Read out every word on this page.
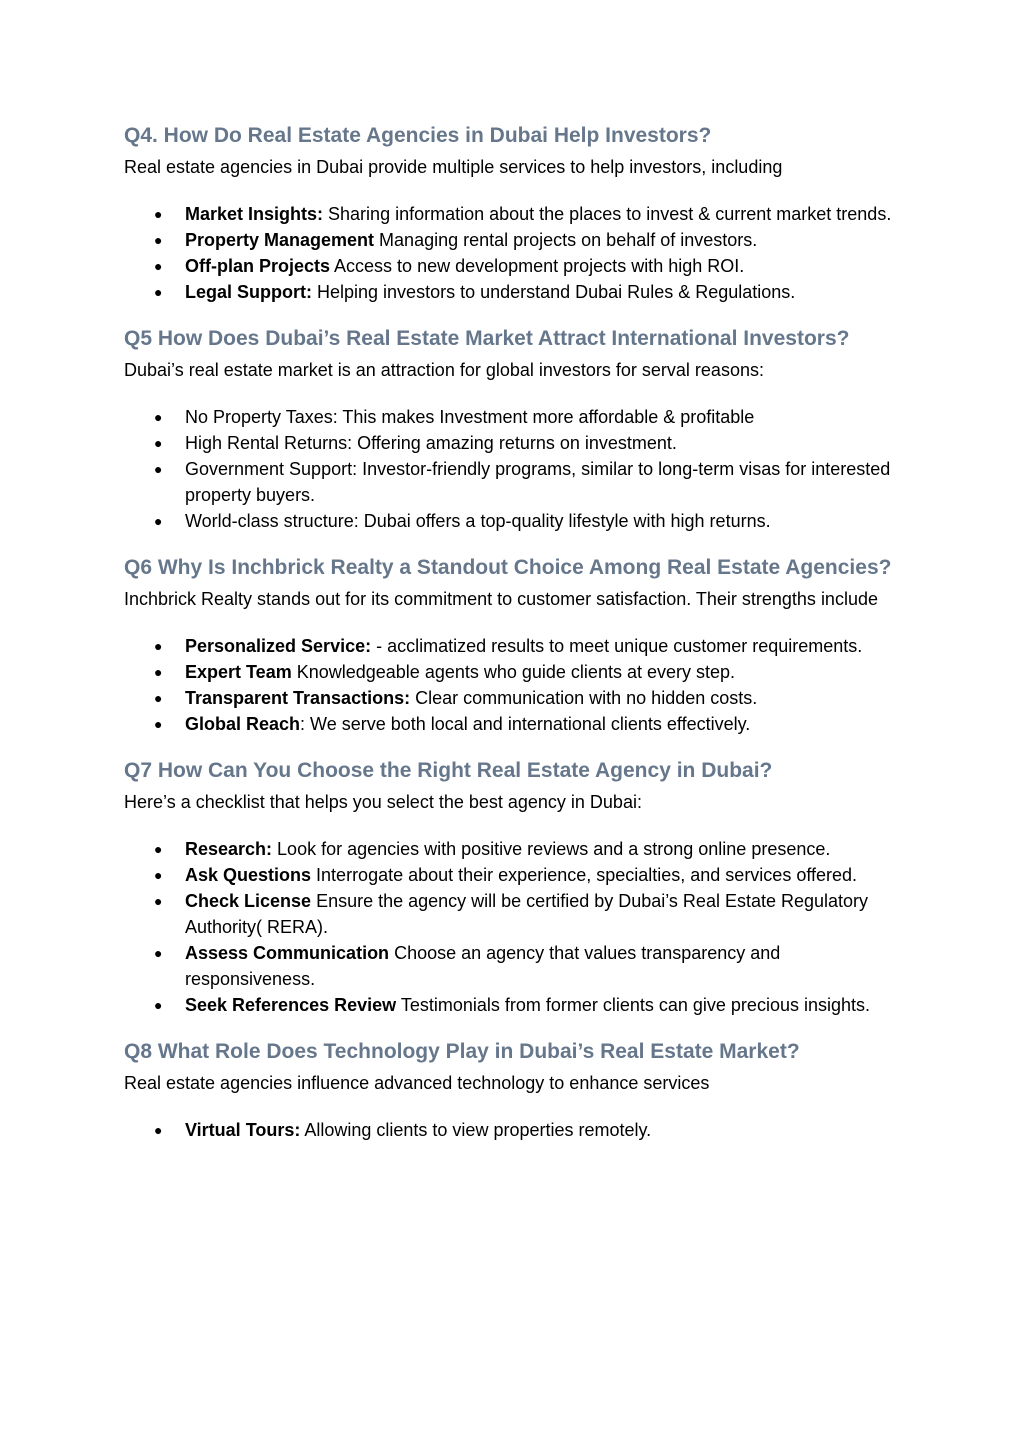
Q4. How Do Real Estate Agencies in Dubai Help Investors?

Real estate agencies in Dubai provide multiple services to help investors, including

● Market Insights: Sharing information about the places to invest & current market trends.
● Property Management Managing rental projects on behalf of investors.
● Off-plan Projects Access to new development projects with high ROI.
● Legal Support: Helping investors to understand Dubai Rules & Regulations.
Q5 How Does Dubai’s Real Estate Market Attract International Investors?

Dubai’s real estate market is an attraction for global investors for serval reasons:

● No Property Taxes: This makes Investment more affordable & profitable
● High Rental Returns: Offering amazing returns on investment.
● Government Support: Investor-friendly programs, similar to long-term visas for interested property buyers.
● World-class structure: Dubai offers a top-quality lifestyle with high returns.
Q6 Why Is Inchbrick Realty a Standout Choice Among Real Estate Agencies?

Inchbrick Realty stands out for its commitment to customer satisfaction. Their strengths include

● Personalized Service: - acclimatized results to meet unique customer requirements.
● Expert Team Knowledgeable agents who guide clients at every step.
● Transparent Transactions: Clear communication with no hidden costs.
● Global Reach: We serve both local and international clients effectively.
Q7 How Can You Choose the Right Real Estate Agency in Dubai?

Here’s a checklist that helps you select the best agency in Dubai:

● Research: Look for agencies with positive reviews and a strong online presence.
● Ask Questions Interrogate about their experience, specialties, and services offered.
● Check License Ensure the agency will be certified by Dubai’s Real Estate Regulatory Authority( RERA).
● Assess Communication Choose an agency that values transparency and responsiveness.
● Seek References Review Testimonials from former clients can give precious insights.
Q8 What Role Does Technology Play in Dubai’s Real Estate Market?

Real estate agencies influence advanced technology to enhance services

● Virtual Tours: Allowing clients to view properties remotely.
